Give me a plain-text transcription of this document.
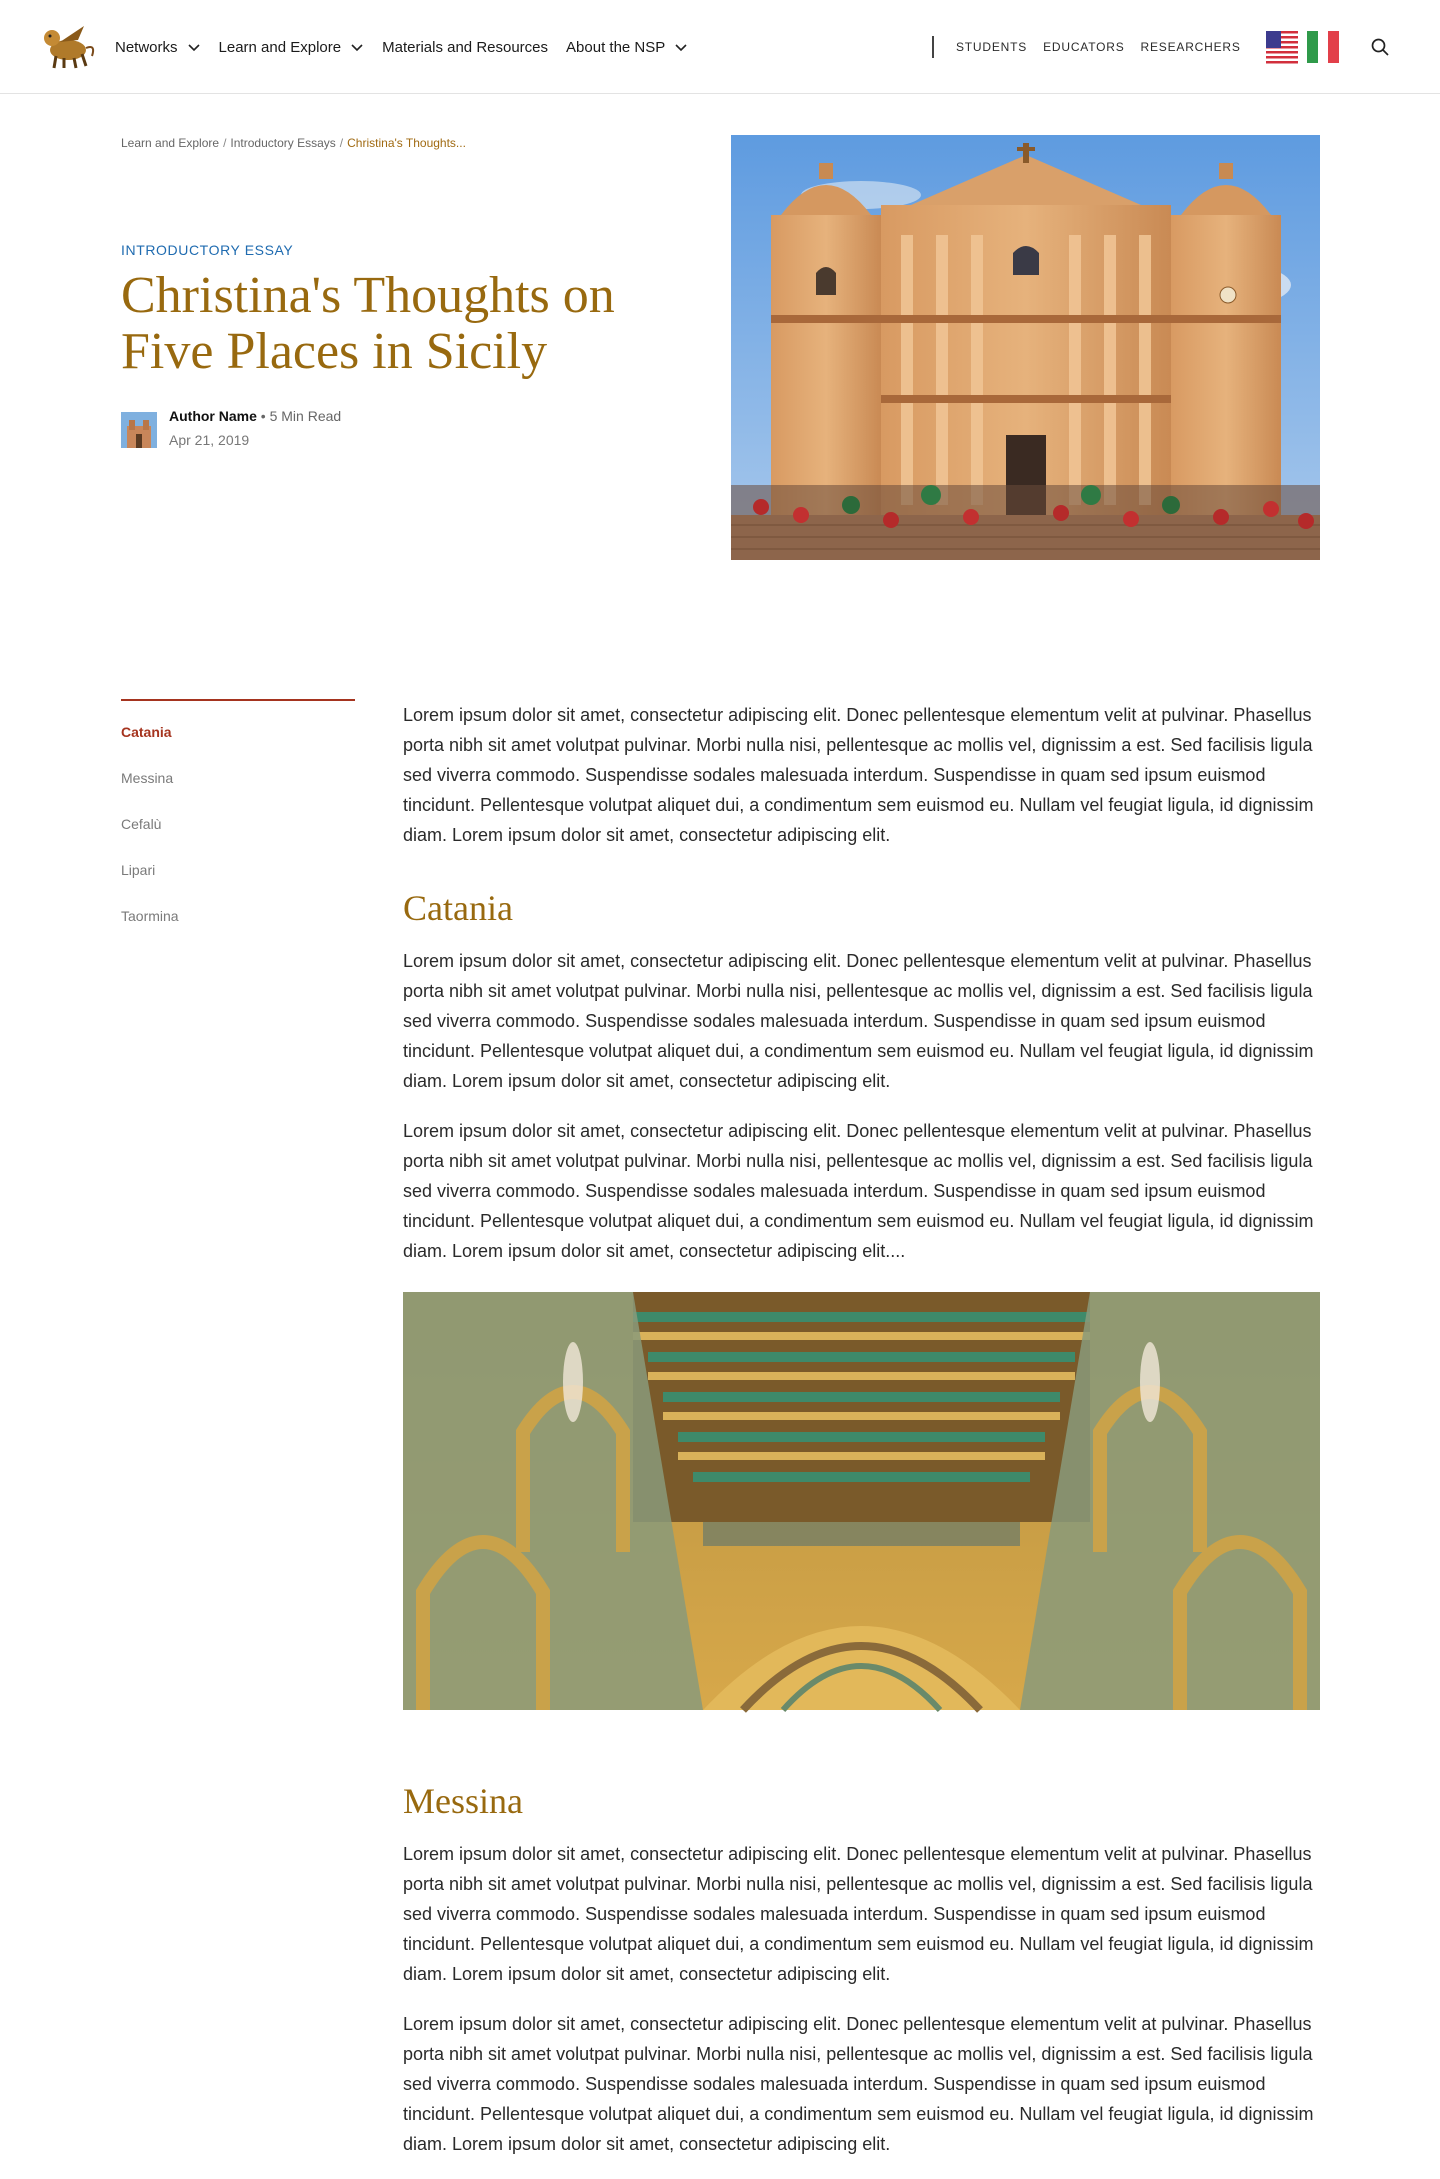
Networks	Learn and Explore	Materials and Resources About the NSP	STUDENTS EDUCATORS RESEARCHERS
Learn and Explore / Introductory Essays / Christina's Thoughts...
INTRODUCTORY ESSAY
Christina's Thoughts on Five Places in Sicily
Author Name • 5 Min Read
Apr 21, 2019
Catania
Messina
Cefalù
Lipari
Taormina

Lorem ipsum dolor sit amet, consectetur adipiscing elit. Donec pellentesque elementum velit at pulvinar. Phasellus porta nibh sit amet volutpat pulvinar. Morbi nulla nisi, pellentesque ac mollis vel, dignissim a est. Sed facilisis ligula sed viverra commodo. Suspendisse sodales malesuada interdum. Suspendisse in quam sed ipsum euismod tincidunt. Pellentesque volutpat aliquet dui, a condimentum sem euismod eu. Nullam vel feugiat ligula, id dignissim diam. Lorem ipsum dolor sit amet, consectetur adipiscing elit.

Catania

Lorem ipsum dolor sit amet, consectetur adipiscing elit. Donec pellentesque elementum velit at pulvinar. Phasellus porta nibh sit amet volutpat pulvinar. Morbi nulla nisi, pellentesque ac mollis vel, dignissim a est. Sed facilisis ligula sed viverra commodo. Suspendisse sodales malesuada interdum. Suspendisse in quam sed ipsum euismod tincidunt. Pellentesque volutpat aliquet dui, a condimentum sem euismod eu. Nullam vel feugiat ligula, id dignissim diam. Lorem ipsum dolor sit amet, consectetur adipiscing elit.

Lorem ipsum dolor sit amet, consectetur adipiscing elit. Donec pellentesque elementum velit at pulvinar. Phasellus porta nibh sit amet volutpat pulvinar. Morbi nulla nisi, pellentesque ac mollis vel, dignissim a est. Sed facilisis ligula sed viverra commodo. Suspendisse sodales malesuada interdum. Suspendisse in quam sed ipsum euismod tincidunt. Pellentesque volutpat aliquet dui, a condimentum sem euismod eu. Nullam vel feugiat ligula, id dignissim diam. Lorem ipsum dolor sit amet, consectetur adipiscing elit....

Messina

Lorem ipsum dolor sit amet, consectetur adipiscing elit. Donec pellentesque elementum velit at pulvinar. Phasellus porta nibh sit amet volutpat pulvinar. Morbi nulla nisi, pellentesque ac mollis vel, dignissim a est. Sed facilisis ligula sed viverra commodo. Suspendisse sodales malesuada interdum. Suspendisse in quam sed ipsum euismod tincidunt. Pellentesque volutpat aliquet dui, a condimentum sem euismod eu. Nullam vel feugiat ligula, id dignissim diam. Lorem ipsum dolor sit amet, consectetur adipiscing elit.

Lorem ipsum dolor sit amet, consectetur adipiscing elit. Donec pellentesque elementum velit at pulvinar. Phasellus porta nibh sit amet volutpat pulvinar. Morbi nulla nisi, pellentesque ac mollis vel, dignissim a est. Sed facilisis ligula sed viverra commodo. Suspendisse sodales malesuada interdum. Suspendisse in quam sed ipsum euismod tincidunt. Pellentesque volutpat aliquet dui, a condimentum sem euismod eu. Nullam vel feugiat ligula, id dignissim diam. Lorem ipsum dolor sit amet, consectetur adipiscing elit.
